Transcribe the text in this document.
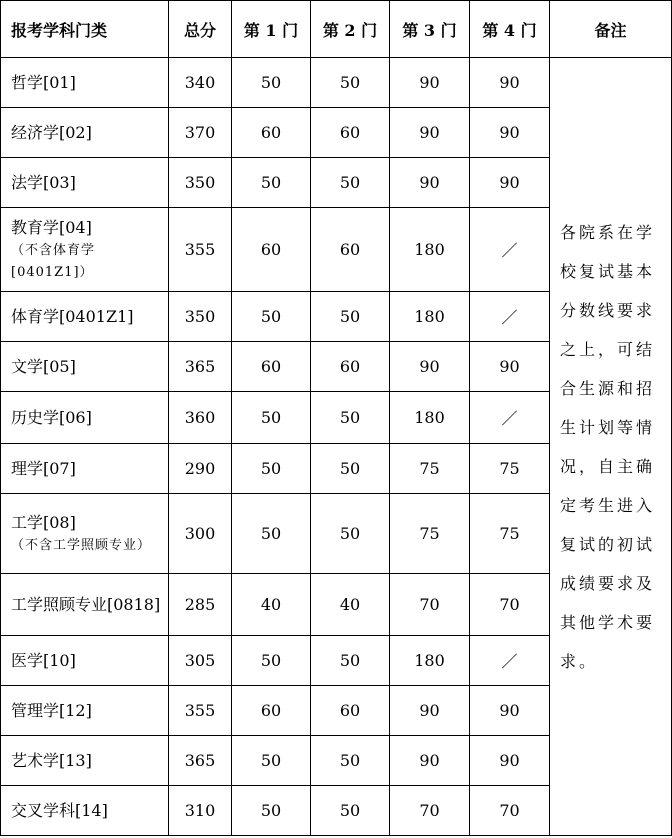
报考学科门类	总分	第 1 门	第 2 门	第 3 门	第 4 门	备注

哲学[01]	340	50	50	90	90	各院系在学校复试基本分数线要求之上，可结合生源和招生计划等情况，自主确定考生进入复试的初试成绩要求及其他学术要求。

经济学[02]	370	60	60	90	90	

法学[03]	350	50	50	90	90	

教育学[04]
（不含体育学[0401Z1]）	355	60	60	180	／	

体育学[0401Z1]	350	50	50	180	／	

文学[05]	365	60	60	90	90	

历史学[06]	360	50	50	180	／	

理学[07]	290	50	50	75	75	

工学[08]
（不含工学照顾专业）	300	50	50	75	75	

工学照顾专业[0818]	285	40	40	70	70	

医学[10]	305	50	50	180	／	

管理学[12]	355	60	60	90	90	

艺术学[13]	365	50	50	90	90	

交叉学科[14]	310	50	50	70	70	
